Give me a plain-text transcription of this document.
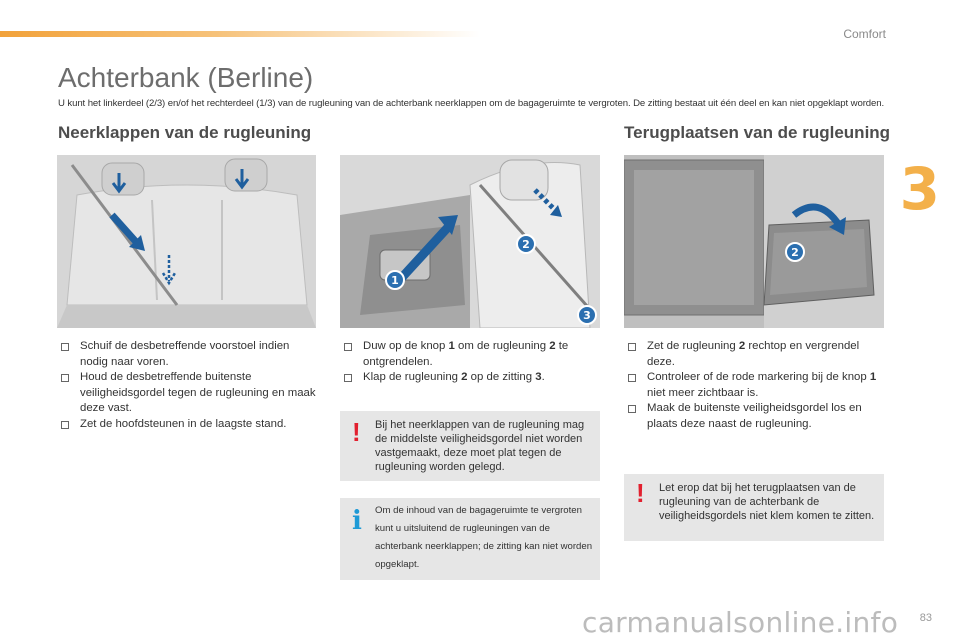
Comfort
3
Achterbank (Berline)
U kunt het linkerdeel (2/3) en/of het rechterdeel (1/3) van de rugleuning van de achterbank neerklappen om de bagageruimte te vergroten. De zitting bestaat uit één deel en kan niet opgeklapt worden.
Neerklappen van de rugleuning	Terugplaatsen van de rugleuning
1
2
3
2
Schuif de desbetreffende voorstoel indien nodig naar voren.
Houd de desbetreffende buitenste veiligheidsgordel tegen de rugleuning en maak deze vast.
Zet de hoofdsteunen in de laagste stand.
Duw op de knop 1 om de rugleuning 2 te ontgrendelen.
Klap de rugleuning 2 op de zitting 3.
! Bij het neerklappen van de rugleuning mag de middelste veiligheidsgordel niet worden vastgemaakt, deze moet plat tegen de rugleuning worden gelegd.
i Om de inhoud van de bagageruimte te vergroten kunt u uitsluitend de rugleuningen van de achterbank neerklappen; de zitting kan niet worden opgeklapt.
Zet de rugleuning 2 rechtop en vergrendel deze.
Controleer of de rode markering bij de knop 1 niet meer zichtbaar is.
Maak de buitenste veiligheidsgordel los en plaats deze naast de rugleuning.
! Let erop dat bij het terugplaatsen van de rugleuning van de achterbank de veiligheidsgordels niet klem komen te zitten.
carmanualsonline.info 83
